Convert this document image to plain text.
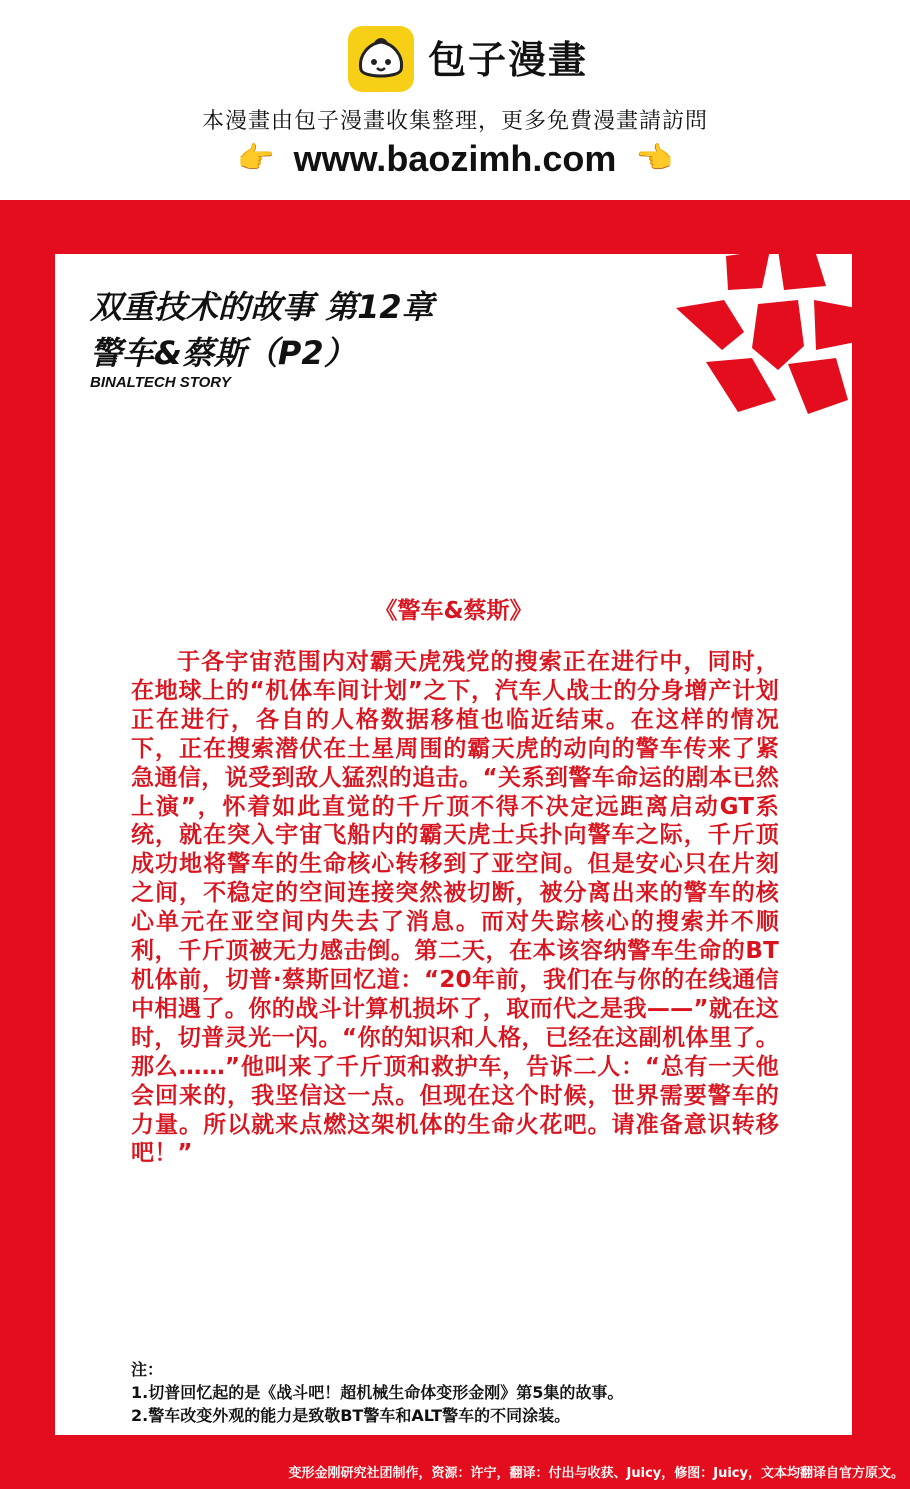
包子漫畫
本漫畫由包子漫畫收集整理，更多免費漫畫請訪問
👉 www.baozimh.com 👈
双重技术的故事 第12章
警车&蔡斯（P2）
BINALTECH STORY
《警车&蔡斯》
于各宇宙范围内对霸天虎残党的搜索正在进行中，同时，在地球上的“机体车间计划”之下，汽车人战士的分身增产计划正在进行，各自的人格数据移植也临近结束。在这样的情况下，正在搜索潜伏在土星周围的霸天虎的动向的警车传来了紧急通信，说受到敌人猛烈的追击。“关系到警车命运的剧本已然上演”，怀着如此直觉的千斤顶不得不决定远距离启动GT系统，就在突入宇宙飞船内的霸天虎士兵扑向警车之际，千斤顶成功地将警车的生命核心转移到了亚空间。但是安心只在片刻之间，不稳定的空间连接突然被切断，被分离出来的警车的核心单元在亚空间内失去了消息。而对失踪核心的搜索并不顺利，千斤顶被无力感击倒。第二天，在本该容纳警车生命的BT机体前，切普·蔡斯回忆道：“20年前，我们在与你的在线通信中相遇了。你的战斗计算机损坏了，取而代之是我——”就在这时，切普灵光一闪。“你的知识和人格，已经在这副机体里了。那么……”他叫来了千斤顶和救护车，告诉二人：“总有一天他会回来的，我坚信这一点。但现在这个时候，世界需要警车的力量。所以就来点燃这架机体的生命火花吧。请准备意识转移吧！”
注：
1.切普回忆起的是《战斗吧！超机械生命体变形金刚》第5集的故事。
2.警车改变外观的能力是致敬BT警车和ALT警车的不同涂装。
变形金刚研究社团制作，资源：许宁，翻译：付出与收获、Juicy，修图：Juicy，文本均翻译自官方原文。
